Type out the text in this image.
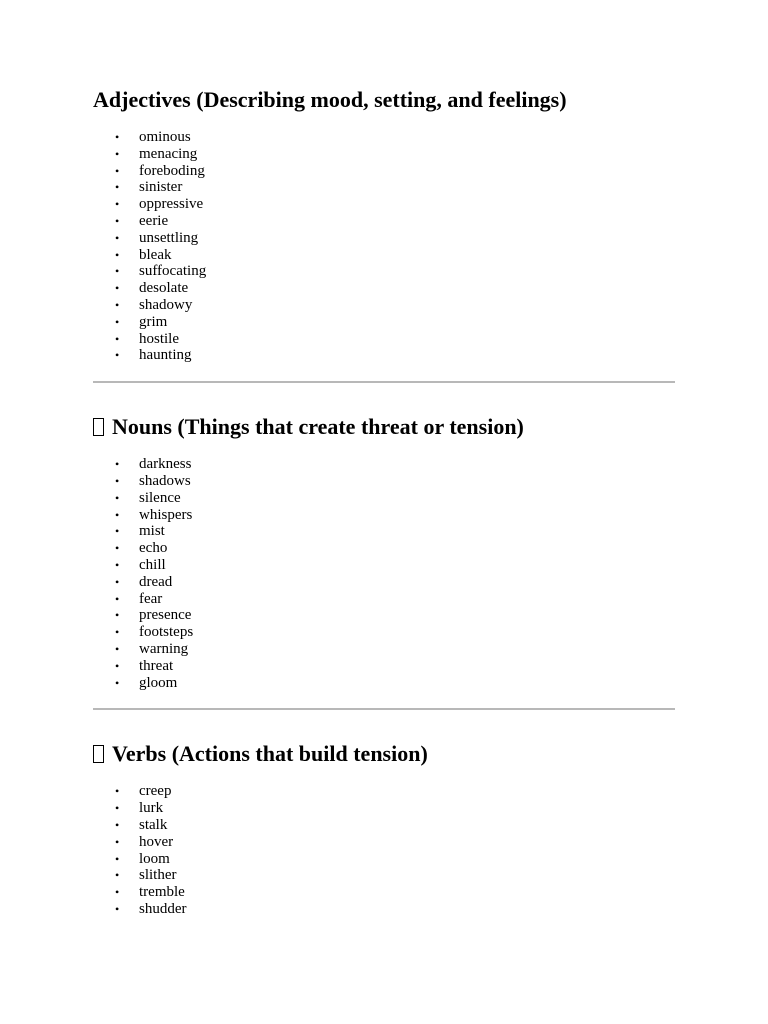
Adjectives (Describing mood, setting, and feelings)
• ominous
• menacing
• foreboding
• sinister
• oppressive
• eerie
• unsettling
• bleak
• suffocating
• desolate
• shadowy
• grim
• hostile
• haunting
Nouns (Things that create threat or tension)
• darkness
• shadows
• silence
• whispers
• mist
• echo
• chill
• dread
• fear
• presence
• footsteps
• warning
• threat
• gloom
Verbs (Actions that build tension)
• creep
• lurk
• stalk
• hover
• loom
• slither
• tremble
• shudder
